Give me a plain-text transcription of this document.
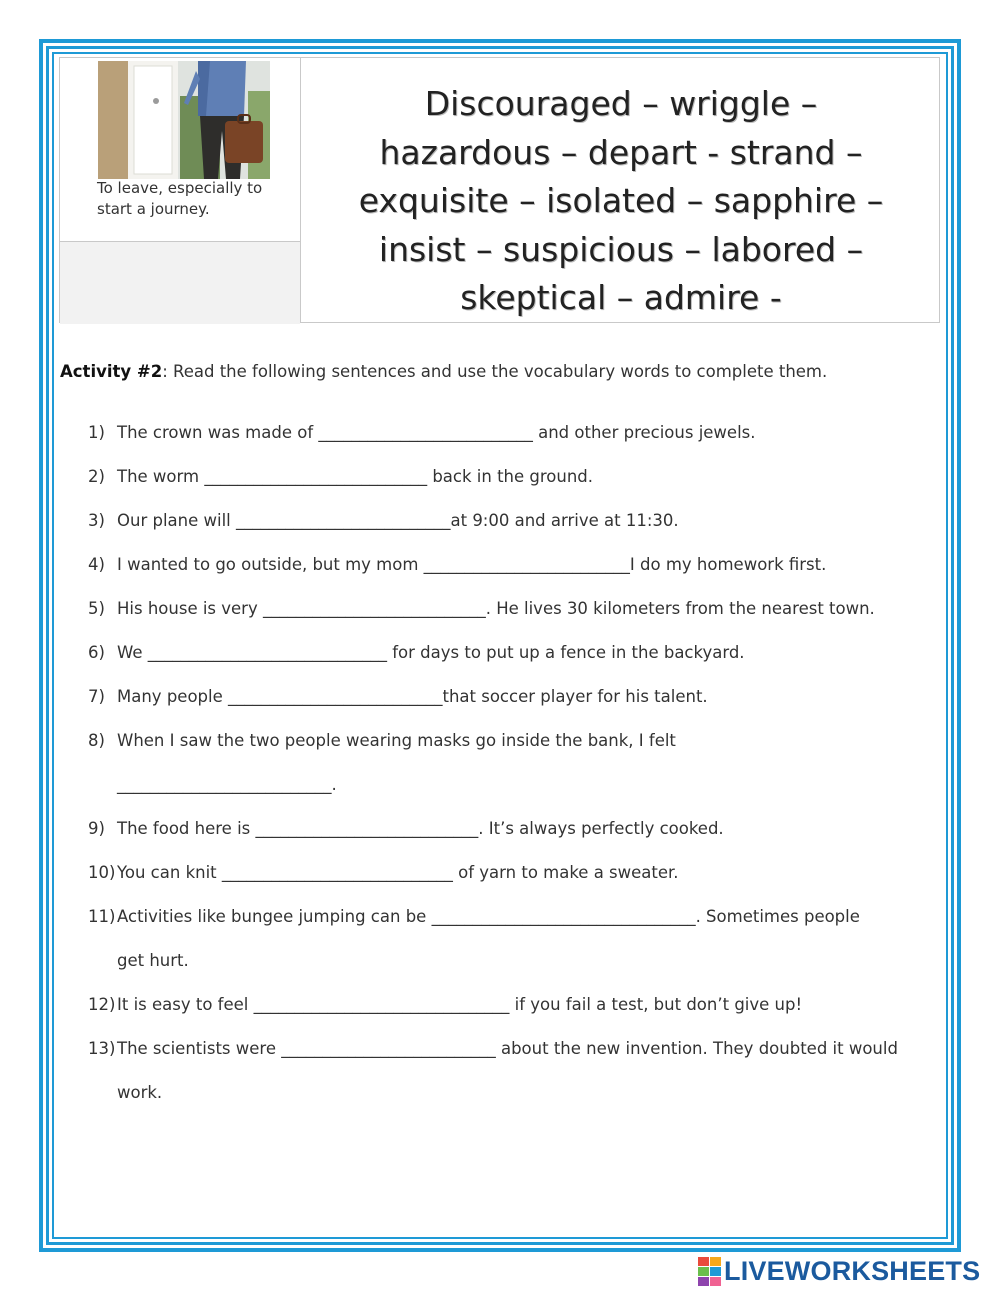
To leave, especially to start a journey.
Discouraged – wriggle –
hazardous – depart - strand –
exquisite – isolated – sapphire –
insist – suspicious – labored –
skeptical – admire -
Activity #2: Read the following sentences and use the vocabulary words to complete them.
1) The crown was made of __________________________ and other precious jewels.
2) The worm ___________________________ back in the ground.
3) Our plane will __________________________at 9:00 and arrive at 11:30.
4) I wanted to go outside, but my mom _________________________I do my homework first.
5) His house is very ___________________________. He lives 30 kilometers from the nearest town.
6) We _____________________________ for days to put up a fence in the backyard.
7) Many people __________________________that soccer player for his talent.
8) When I saw the two people wearing masks go inside the bank, I felt
__________________________.
9) The food here is ___________________________. It’s always perfectly cooked.
10)You can knit ____________________________ of yarn to make a sweater.
11)Activities like bungee jumping can be ________________________________. Sometimes people
get hurt.
12)It is easy to feel _______________________________ if you fail a test, but don’t give up!
13)The scientists were __________________________ about the new invention. They doubted it would
work.
LIVEWORKSHEETS
